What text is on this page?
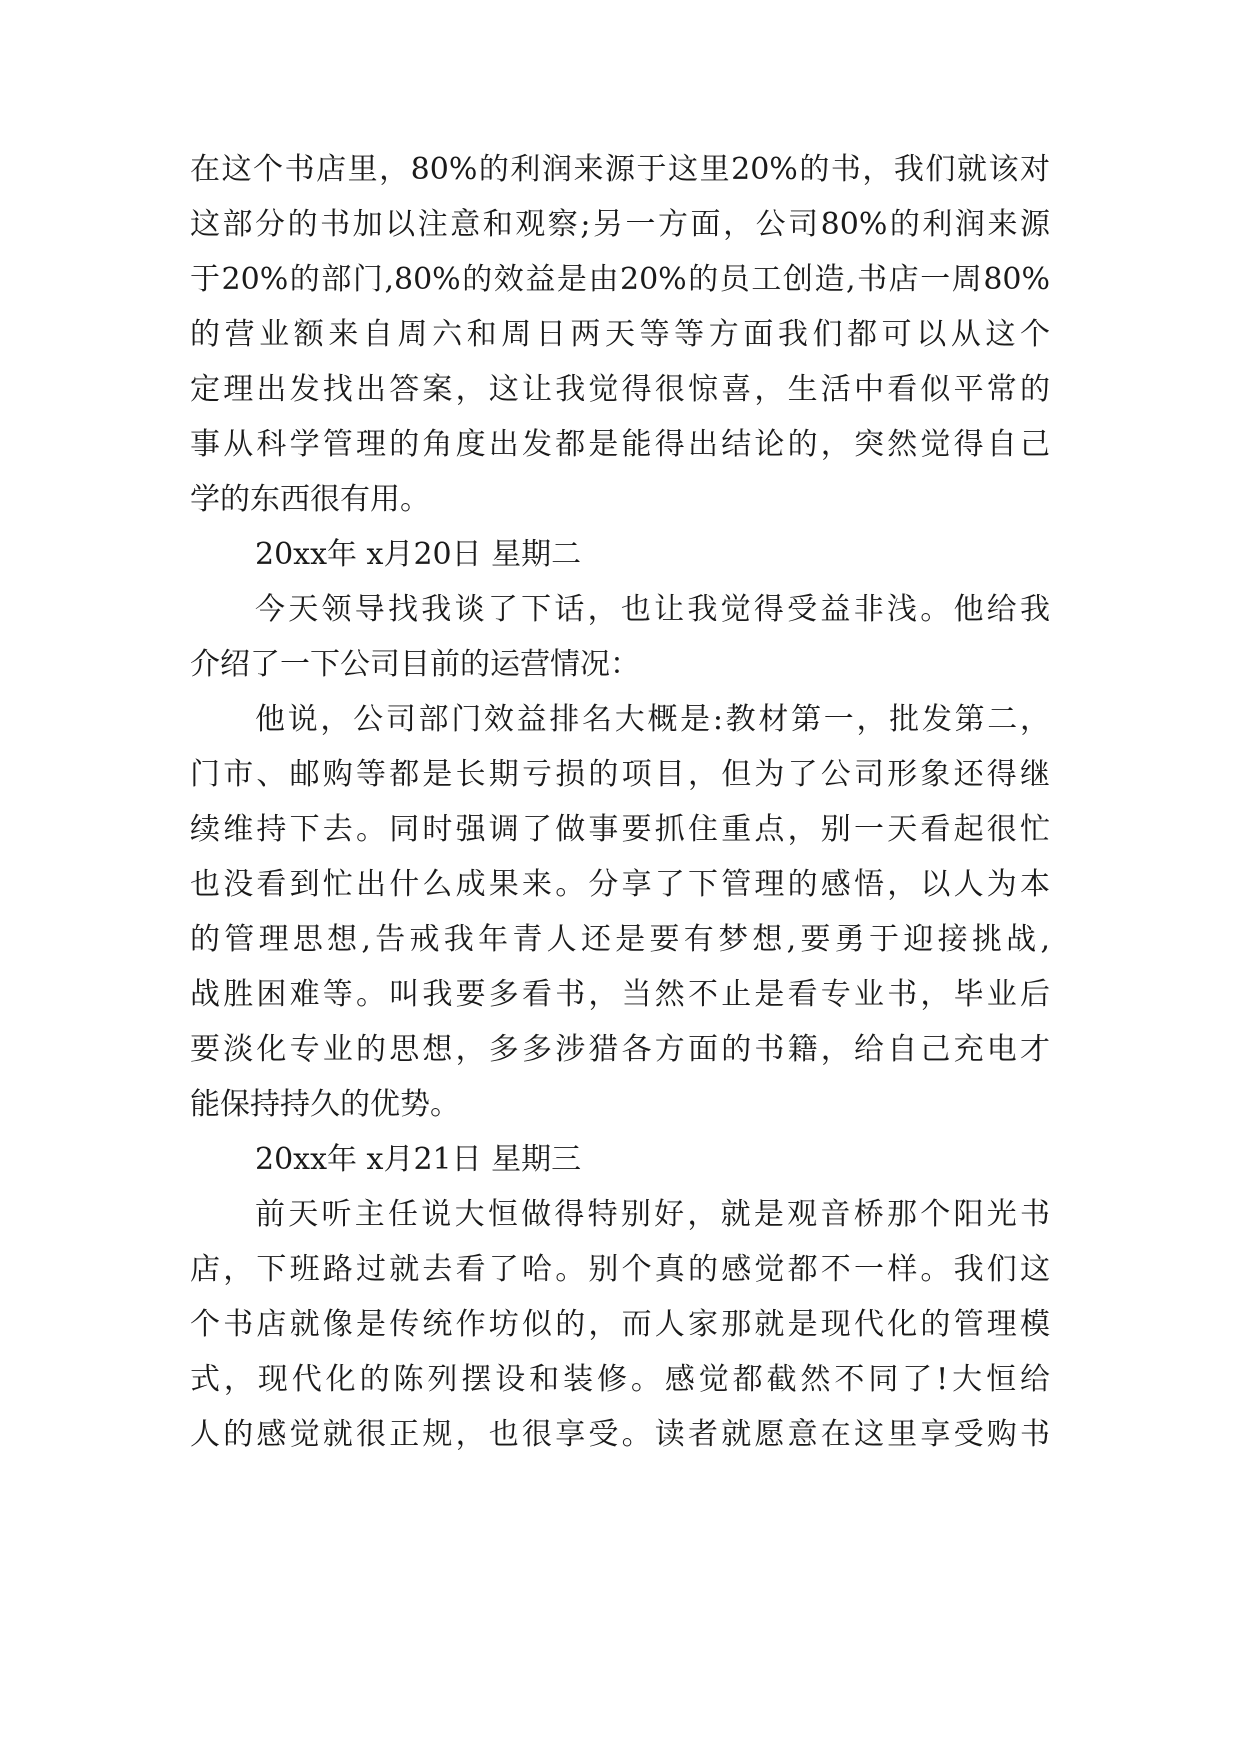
在这个书店里，80%的利润来源于这里20%的书，我们就该对

这部分的书加以注意和观察;另一方面，公司80%的利润来源

于20%的部门,80%的效益是由20%的员工创造,书店一周80%

的营业额来自周六和周日两天等等方面我们都可以从这个

定理出发找出答案，这让我觉得很惊喜，生活中看似平常的

事从科学管理的角度出发都是能得出结论的，突然觉得自己

学的东西很有用。

20xx年 x月20日 星期二

今天领导找我谈了下话，也让我觉得受益非浅。他给我

介绍了一下公司目前的运营情况：

他说，公司部门效益排名大概是:教材第一，批发第二，

门市、邮购等都是长期亏损的项目，但为了公司形象还得继

续维持下去。同时强调了做事要抓住重点，别一天看起很忙

也没看到忙出什么成果来。分享了下管理的感悟，以人为本

的管理思想,告戒我年青人还是要有梦想,要勇于迎接挑战,

战胜困难等。叫我要多看书，当然不止是看专业书，毕业后

要淡化专业的思想，多多涉猎各方面的书籍，给自己充电才

能保持持久的优势。

20xx年 x月21日 星期三

前天听主任说大恒做得特别好，就是观音桥那个阳光书

店，下班路过就去看了哈。别个真的感觉都不一样。我们这

个书店就像是传统作坊似的，而人家那就是现代化的管理模

式，现代化的陈列摆设和装修。感觉都截然不同了!大恒给

人的感觉就很正规，也很享受。读者就愿意在这里享受购书
